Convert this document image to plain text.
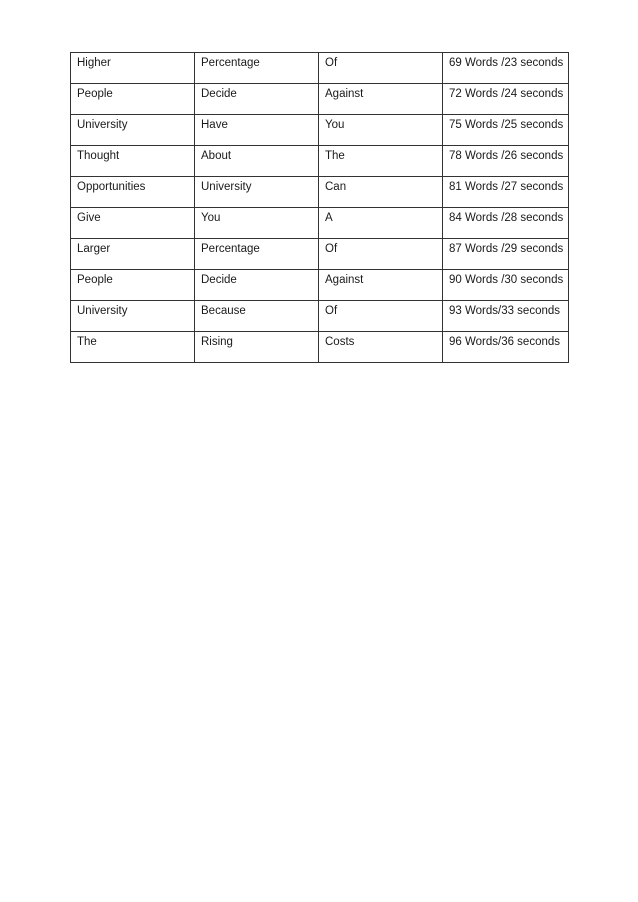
Higher	Percentage	Of	69 Words /23 seconds
People	Decide	Against	72 Words /24 seconds
University	Have	You	75 Words /25 seconds
Thought	About	The	78 Words /26 seconds
Opportunities	University	Can	81 Words /27 seconds
Give	You	A	84 Words /28 seconds
Larger	Percentage	Of	87 Words /29 seconds
People	Decide	Against	90 Words /30 seconds
University	Because	Of	93 Words/33 seconds
The	Rising	Costs	96 Words/36 seconds
